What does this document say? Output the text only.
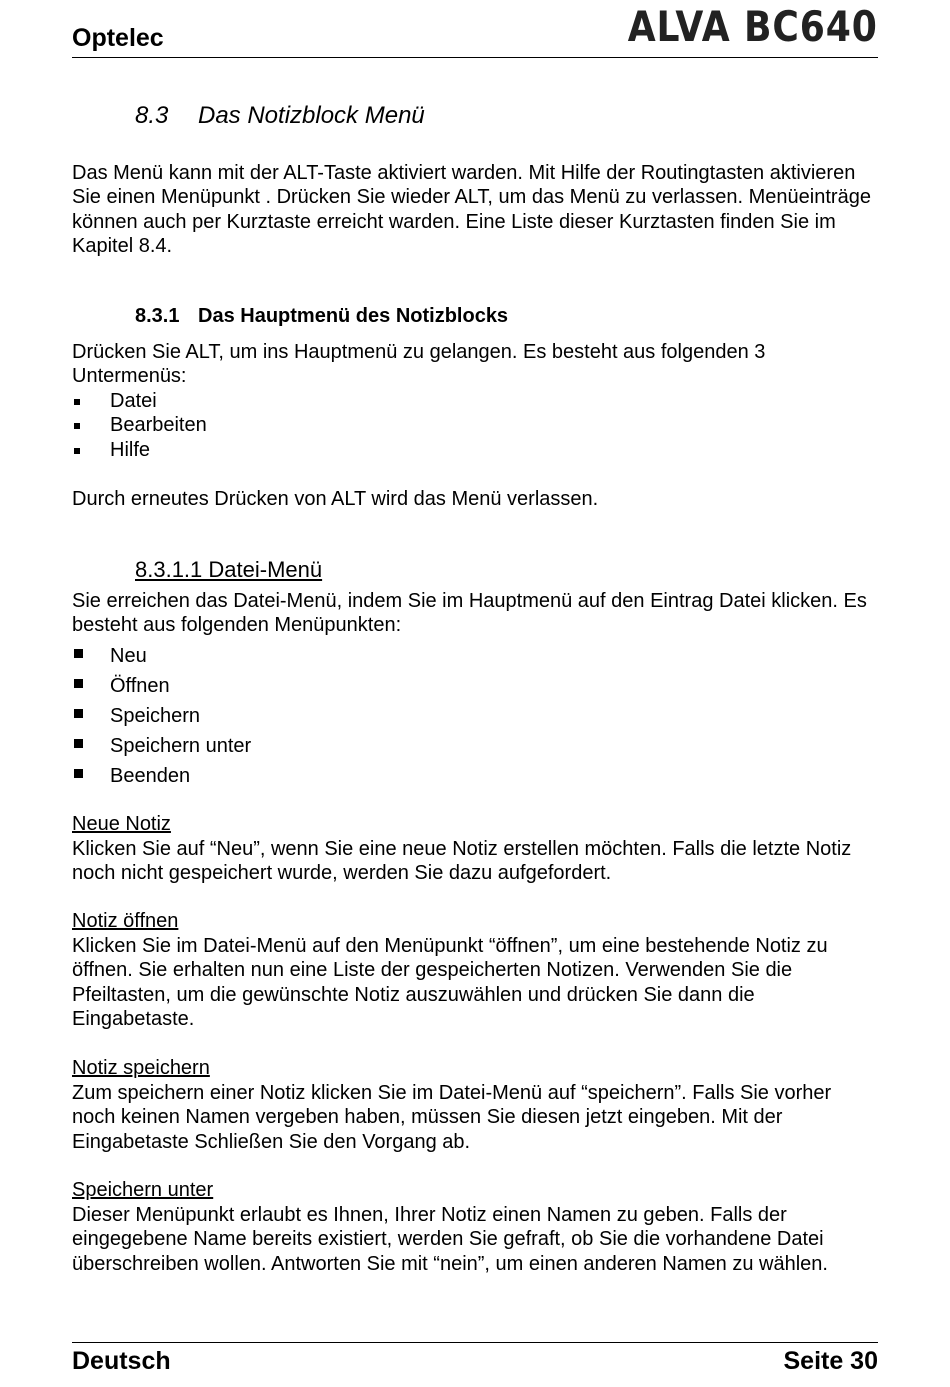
Optelec	ALVA BC640
8.3 Das Notizblock Menü

Das Menü kann mit der ALT-Taste aktiviert warden. Mit Hilfe der Routingtasten aktivieren Sie einen Menüpunkt . Drücken Sie wieder ALT, um das Menü zu verlassen. Menüeinträge können auch per Kurztaste erreicht warden. Eine Liste dieser Kurztasten finden Sie im Kapitel 8.4.

8.3.1 Das Hauptmenü des Notizblocks

Drücken Sie ALT, um ins Hauptmenü zu gelangen. Es besteht aus folgenden 3 Untermenüs:

Datei
Bearbeiten
Hilfe

Durch erneutes Drücken von ALT wird das Menü verlassen.

8.3.1.1 Datei-Menü

Sie erreichen das Datei-Menü, indem Sie im Hauptmenü auf den Eintrag Datei klicken. Es besteht aus folgenden Menüpunkten:

Neu
Öffnen
Speichern
Speichern unter
Beenden
Neue Notiz

Klicken Sie auf “Neu”, wenn Sie eine neue Notiz erstellen möchten. Falls die letzte Notiz noch nicht gespeichert wurde, werden Sie dazu aufgefordert.

Notiz öffnen

Klicken Sie im Datei-Menü auf den Menüpunkt “öffnen”, um eine bestehende Notiz zu öffnen. Sie erhalten nun eine Liste der gespeicherten Notizen. Verwenden Sie die Pfeiltasten, um die gewünschte Notiz auszuwählen und drücken Sie dann die Eingabetaste.

Notiz speichern

Zum speichern einer Notiz klicken Sie im Datei-Menü auf “speichern”. Falls Sie vorher noch keinen Namen vergeben haben, müssen Sie diesen jetzt eingeben. Mit der Eingabetaste Schließen Sie den Vorgang ab.

Speichern unter

Dieser Menüpunkt erlaubt es Ihnen, Ihrer Notiz einen Namen zu geben. Falls der eingegebene Name bereits existiert, werden Sie gefraft, ob Sie die vorhandene Datei überschreiben wollen. Antworten Sie mit “nein”, um einen anderen Namen zu wählen.

Deutsch	Seite 30
